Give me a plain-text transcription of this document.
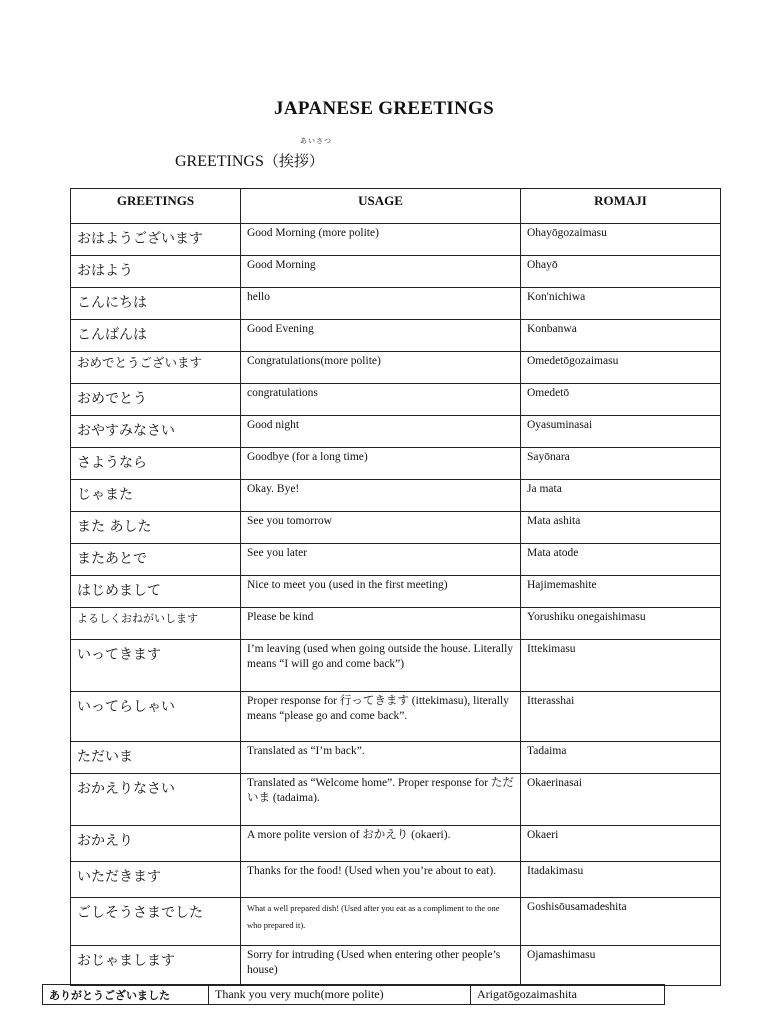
JAPANESE GREETINGS
あいさつ
GREETINGS（挨拶）
GREETINGS	USAGE	ROMAJI
おはようございます	Good Morning (more polite)	Ohayōgozaimasu
おはよう	Good Morning	Ohayō
こんにちは	hello	Kon'nichiwa
こんばんは	Good Evening	Konbanwa
おめでとうございます	Congratulations(more polite)	Omedetōgozaimasu
おめでとう	congratulations	Omedetō
おやすみなさい	Good night	Oyasuminasai
さようなら	Goodbye (for a long time)	Sayōnara
じゃまた	Okay. Bye!	Ja mata
また あした	See you tomorrow	Mata ashita
またあとで	See you later	Mata atode
はじめまして	Nice to meet you (used in the first meeting)	Hajimemashite
よるしくおねがいします	Please be kind	Yorushiku onegaishimasu
いってきます	I’m leaving (used when going outside the house. Literally means “I will go and come back”)	Ittekimasu
いってらしゃい	Proper response for 行ってきます (ittekimasu), literally means “please go and come back”.	Itterasshai
ただいま	Translated as “I’m back”.	Tadaima
おかえりなさい	Translated as “Welcome home”. Proper response for ただいま (tadaima).	Okaerinasai
おかえり	A more polite version of おかえり (okaeri).	Okaeri
いただきます	Thanks for the food! (Used when you’re about to eat).	Itadakimasu
ごしそうさまでした	What a well prepared dish! (Used after you eat as a compliment to the one who prepared it).	Goshisōusamadeshita
おじゃまします	Sorry for intruding (Used when entering other people’s house)	Ojamashimasu
ありがとうございました	Thank you very much(more polite)	Arigatōgozaimashita
